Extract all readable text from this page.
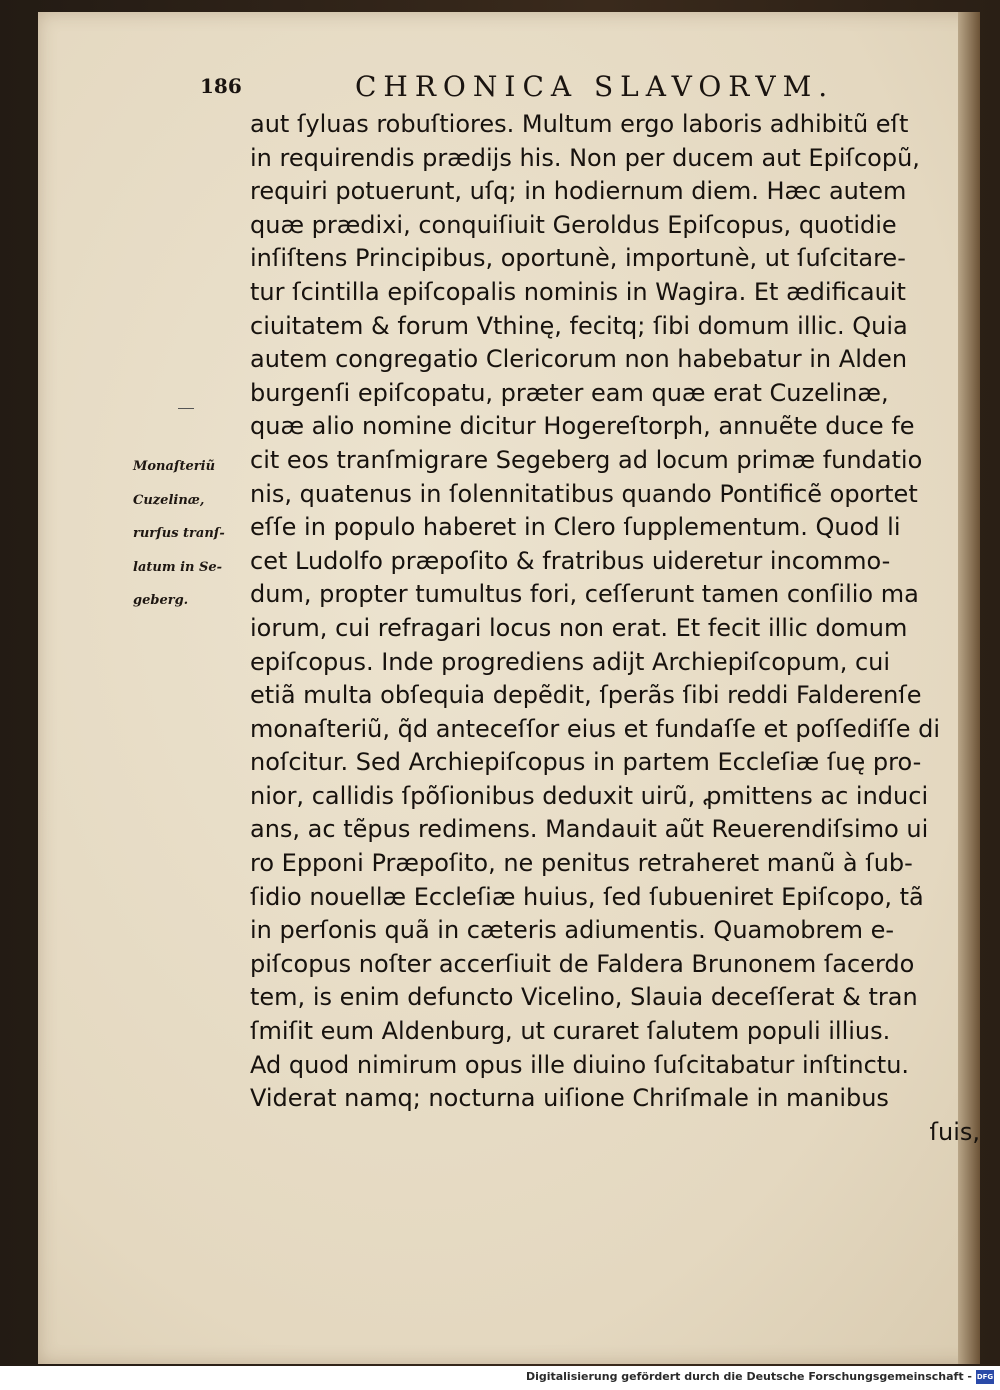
186	CHRONICA SLAVORVM.
Monaſteriũ
Cuzelinæ,
rurſus tranſ-
latum in Se-
geberg.
aut ſyluas robuſtiores. Multum ergo laboris adhibitũ eſt
in requirendis prædijs his. Non per ducem aut Epiſcopũ,
requiri potuerunt, uſq; in hodiernum diem. Hæc autem
quæ prædixi, conquiſiuit Geroldus Epiſcopus, quotidie
inſiſtens Principibus, oportunè, importunè, ut ſuſcitare-
tur ſcintilla epiſcopalis nominis in Wagira. Et ædificauit
ciuitatem & forum Vthinę, fecitq; ſibi domum illic. Quia
autem congregatio Clericorum non habebatur in Alden
burgenſi epiſcopatu, præter eam quæ erat Cuzelinæ,
quæ alio nomine dicitur Hogereſtorph, annuẽte duce fe
cit eos tranſmigrare Segeberg ad locum primæ fundatio
nis, quatenus in ſolennitatibus quando Pontificẽ oportet
eſſe in populo haberet in Clero ſupplementum. Quod li
cet Ludolfo præpoſito & fratribus uideretur incommo-
dum, propter tumultus fori, ceſſerunt tamen conſilio ma
iorum, cui refragari locus non erat. Et fecit illic domum
epiſcopus. Inde progrediens adijt Archiepiſcopum, cui
etiã multa obſequia depẽdit, ſperãs ſibi reddi Falderenſe
monaſteriũ, q̃d anteceſſor eius et fundaſſe et poſſediſſe di
noſcitur. Sed Archiepiſcopus in partem Eccleſiæ ſuę pro-
nior, callidis ſpõſionibus deduxit uirũ, ꝓmittens ac induci
ans, ac tẽpus redimens. Mandauit aũt Reuerendiſsimo ui
ro Epponi Præpoſito, ne penitus retraheret manũ à ſub-
ſidio nouellæ Eccleſiæ huius, ſed ſubueniret Epiſcopo, tã
in perſonis quã in cæteris adiumentis. Quamobrem e-
piſcopus noſter accerſiuit de Faldera Brunonem ſacerdo
tem, is enim defuncto Vicelino, Slauia deceſſerat & tran
ſmiſit eum Aldenburg, ut curaret ſalutem populi illius.
Ad quod nimirum opus ille diuino ſuſcitabatur inſtinctu.
Viderat namq; nocturna uiſione Chriſmale in manibus
ſuis,
Digitalisierung gefördert durch die Deutsche Forschungsgemeinschaft - DFG
